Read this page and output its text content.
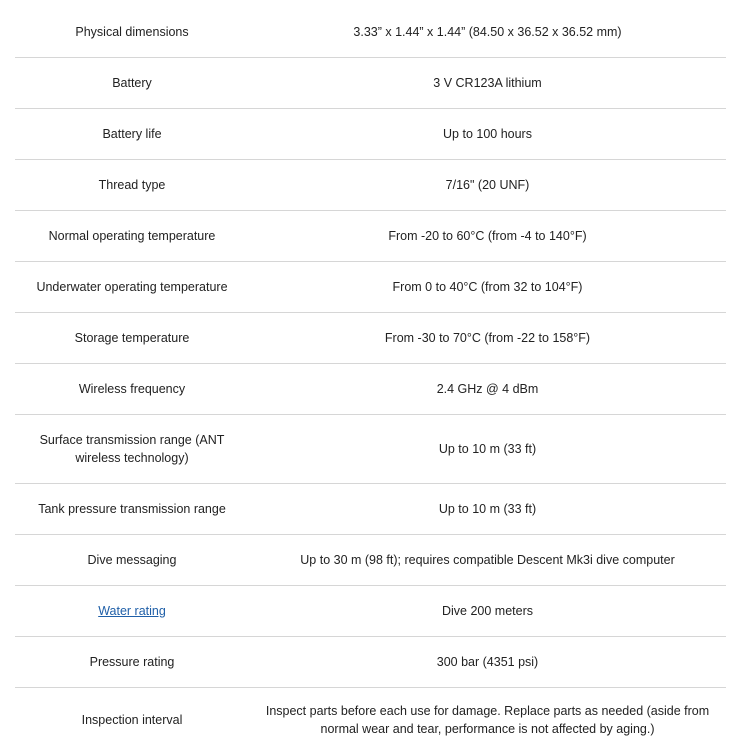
Physical dimensions	3.33” x 1.44” x 1.44” (84.50 x 36.52 x 36.52 mm)
Battery	3 V CR123A lithium
Battery life	Up to 100 hours
Thread type	7/16" (20 UNF)
Normal operating temperature	From -20 to 60°C (from -4 to 140°F)
Underwater operating temperature	From 0 to 40°C (from 32 to 104°F)
Storage temperature	From -30 to 70°C (from -22 to 158°F)
Wireless frequency	2.4 GHz @ 4 dBm
Surface transmission range (ANT wireless technology)	Up to 10 m (33 ft)
Tank pressure transmission range	Up to 10 m (33 ft)
Dive messaging	Up to 30 m (98 ft); requires compatible Descent Mk3i dive computer
Water rating	Dive 200 meters
Pressure rating	300 bar (4351 psi)
Inspection interval	Inspect parts before each use for damage. Replace parts as needed (aside from normal wear and tear, performance is not affected by aging.)
